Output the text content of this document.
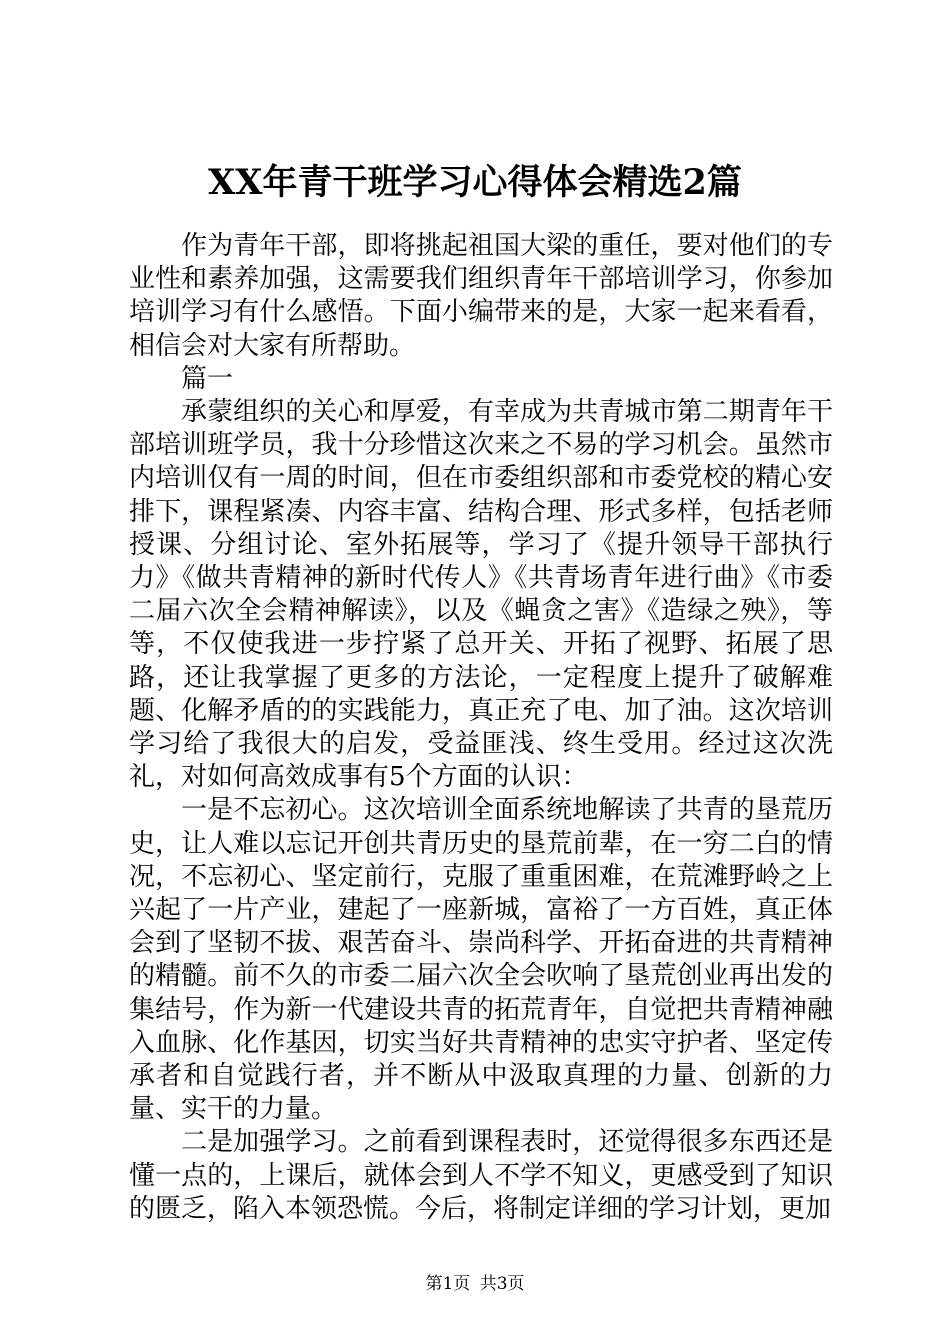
XX年青干班学习心得体会精选2篇

作为青年干部，即将挑起祖国大梁的重任，要对他们的专业性和素养加强，这需要我们组织青年干部培训学习，你参加培训学习有什么感悟。下面小编带来的是，大家一起来看看，相信会对大家有所帮助。

篇一

承蒙组织的关心和厚爱，有幸成为共青城市第二期青年干部培训班学员，我十分珍惜这次来之不易的学习机会。虽然市内培训仅有一周的时间，但在市委组织部和市委党校的精心安排下，课程紧凑、内容丰富、结构合理、形式多样，包括老师授课、分组讨论、室外拓展等，学习了《提升领导干部执行力》《做共青精神的新时代传人》《共青场青年进行曲》《市委二届六次全会精神解读》，以及《蝇贪之害》《造绿之殃》，等等，不仅使我进一步拧紧了总开关、开拓了视野、拓展了思路，还让我掌握了更多的方法论，一定程度上提升了破解难题、化解矛盾的的实践能力，真正充了电、加了油。这次培训学习给了我很大的启发，受益匪浅、终生受用。经过这次洗礼，对如何高效成事有5个方面的认识：

一是不忘初心。这次培训全面系统地解读了共青的垦荒历史，让人难以忘记开创共青历史的垦荒前辈，在一穷二白的情况，不忘初心、坚定前行，克服了重重困难，在荒滩野岭之上兴起了一片产业，建起了一座新城，富裕了一方百姓，真正体会到了坚韧不拔、艰苦奋斗、崇尚科学、开拓奋进的共青精神的精髓。前不久的市委二届六次全会吹响了垦荒创业再出发的集结号，作为新一代建设共青的拓荒青年，自觉把共青精神融入血脉、化作基因，切实当好共青精神的忠实守护者、坚定传承者和自觉践行者，并不断从中汲取真理的力量、创新的力量、实干的力量。

二是加强学习。之前看到课程表时，还觉得很多东西还是懂一点的，上课后，就体会到人不学不知义，更感受到了知识的匮乏，陷入本领恐慌。今后，将制定详细的学习计划，更加

第1页 共3页
